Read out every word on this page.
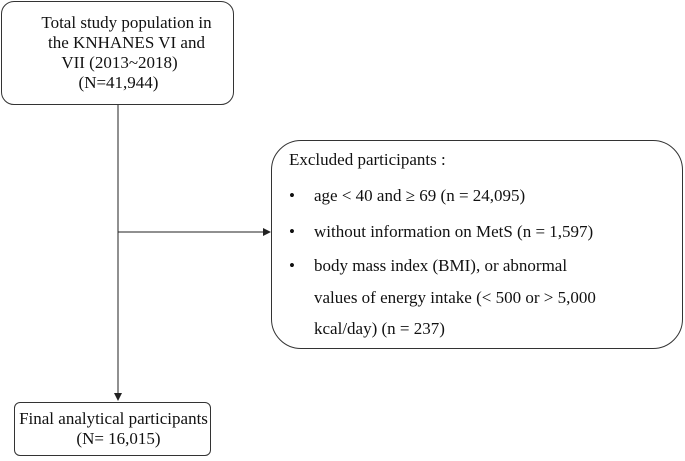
Total study population in
the KNHANES VI and
VII (2013~2018)
(N=41,944)
Excluded participants :
• age < 40 and ≥ 69 (n = 24,095)
• without information on MetS (n = 1,597)
• body mass index (BMI), or abnormal
values of energy intake (< 500 or > 5,000
kcal/day) (n = 237)
Final analytical participants
(N= 16,015)
